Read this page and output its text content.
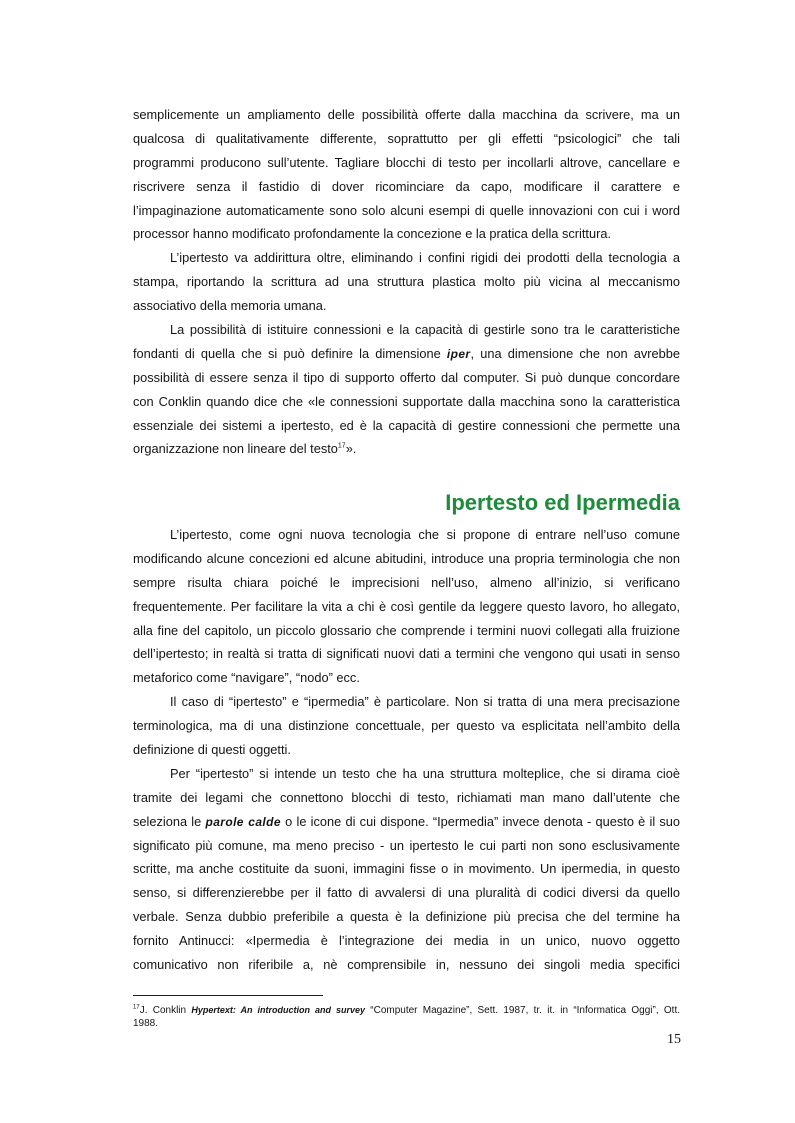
semplicemente un ampliamento delle possibilità offerte dalla macchina da scrivere, ma un
qualcosa di qualitativamente differente, soprattutto per gli effetti “psicologici” che tali
programmi producono sull’utente. Tagliare blocchi di testo per incollarli altrove, cancellare e
riscrivere senza il fastidio di dover ricominciare da capo, modificare il carattere e
l’impaginazione automaticamente sono solo alcuni esempi di quelle innovazioni con cui i word
processor hanno modificato profondamente la concezione e la pratica della scrittura.
L’ipertesto va addirittura oltre, eliminando i confini rigidi dei prodotti della tecnologia a
stampa, riportando la scrittura ad una struttura plastica molto più vicina al meccanismo
associativo della memoria umana.
La possibilità di istituire connessioni e la capacità di gestirle sono tra le caratteristiche
fondanti di quella che si può definire la dimensione iper, una dimensione che non avrebbe
possibilità di essere senza il tipo di supporto offerto dal computer. Si può dunque concordare
con Conklin quando dice che «le connessioni supportate dalla macchina sono la caratteristica
essenziale dei sistemi a ipertesto, ed è la capacità di gestire connessioni che permette una
organizzazione non lineare del testo$^{17}$».
Ipertesto ed Ipermedia
L’ipertesto, come ogni nuova tecnologia che si propone di entrare nell’uso comune
modificando alcune concezioni ed alcune abitudini, introduce una propria terminologia che non
sempre risulta chiara poiché le imprecisioni nell’uso, almeno all’inizio, si verificano
frequentemente. Per facilitare la vita a chi è così gentile da leggere questo lavoro, ho allegato,
alla fine del capitolo, un piccolo glossario che comprende i termini nuovi collegati alla fruizione
dell’ipertesto; in realtà si tratta di significati nuovi dati a termini che vengono qui usati in senso
metaforico come “navigare”, “nodo” ecc.
Il caso di “ipertesto” e “ipermedia” è particolare. Non si tratta di una mera precisazione
terminologica, ma di una distinzione concettuale, per questo va esplicitata nell’ambito della
definizione di questi oggetti.
Per “ipertesto” si intende un testo che ha una struttura molteplice, che si dirama cioè
tramite dei legami che connettono blocchi di testo, richiamati man mano dall’utente che
seleziona le parole calde o le icone di cui dispone. “Ipermedia” invece denota - questo è il suo
significato più comune, ma meno preciso - un ipertesto le cui parti non sono esclusivamente
scritte, ma anche costituite da suoni, immagini fisse o in movimento. Un ipermedia, in questo
senso, si differenzierebbe per il fatto di avvalersi di una pluralità di codici diversi da quello
verbale. Senza dubbio preferibile a questa è la definizione più precisa che del termine ha
fornito Antinucci: «Ipermedia è l’integrazione dei media in un unico, nuovo oggetto
comunicativo non riferibile a, nè comprensibile in, nessuno dei singoli media specifici
$^{17}$J. Conklin Hypertext: An introduction and survey “Computer Magazine”, Sett. 1987, tr. it. in “Informatica Oggi”, Ott.
1988.
15
